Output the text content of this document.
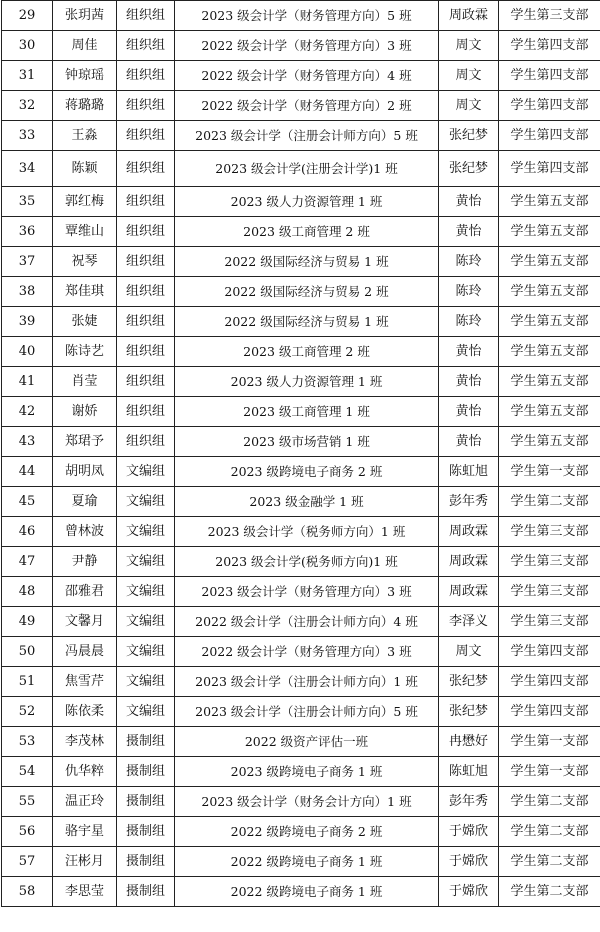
29	张玥茜	组织组	2023 级会计学（财务管理方向）5 班	周政霖	学生第三支部
30	周佳	组织组	2022 级会计学（财务管理方向）3 班	周文	学生第四支部
31	钟琼瑶	组织组	2022 级会计学（财务管理方向）4 班	周文	学生第四支部
32	蒋璐璐	组织组	2022 级会计学（财务管理方向）2 班	周文	学生第四支部
33	王淼	组织组	2023 级会计学（注册会计师方向）5 班	张纪梦	学生第四支部
34	陈颖	组织组	2023 级会计学(注册会计学)1 班	张纪梦	学生第四支部
35	郭红梅	组织组	2023 级人力资源管理 1 班	黄怡	学生第五支部
36	覃维山	组织组	2023 级工商管理 2 班	黄怡	学生第五支部
37	祝琴	组织组	2022 级国际经济与贸易 1 班	陈玲	学生第五支部
38	郑佳琪	组织组	2022 级国际经济与贸易 2 班	陈玲	学生第五支部
39	张婕	组织组	2022 级国际经济与贸易 1 班	陈玲	学生第五支部
40	陈诗艺	组织组	2023 级工商管理 2 班	黄怡	学生第五支部
41	肖莹	组织组	2023 级人力资源管理 1 班	黄怡	学生第五支部
42	谢娇	组织组	2023 级工商管理 1 班	黄怡	学生第五支部
43	郑珺予	组织组	2023 级市场营销 1 班	黄怡	学生第五支部
44	胡明凤	文编组	2023 级跨境电子商务 2 班	陈虹旭	学生第一支部
45	夏瑜	文编组	2023 级金融学 1 班	彭年秀	学生第二支部
46	曾林波	文编组	2023 级会计学（税务师方向）1 班	周政霖	学生第三支部
47	尹静	文编组	2023 级会计学(税务师方向)1 班	周政霖	学生第三支部
48	邵雅君	文编组	2023 级会计学（财务管理方向）3 班	周政霖	学生第三支部
49	文馨月	文编组	2022 级会计学（注册会计师方向）4 班	李泽义	学生第三支部
50	冯晨晨	文编组	2022 级会计学（财务管理方向）3 班	周文	学生第四支部
51	焦雪芹	文编组	2023 级会计学（注册会计师方向）1 班	张纪梦	学生第四支部
52	陈依柔	文编组	2023 级会计学（注册会计师方向）5 班	张纪梦	学生第四支部
53	李茂林	摄制组	2022 级资产评估一班	冉懋好	学生第一支部
54	仇华粹	摄制组	2023 级跨境电子商务 1 班	陈虹旭	学生第一支部
55	温正玲	摄制组	2023 级会计学（财务会计方向）1 班	彭年秀	学生第二支部
56	骆宇星	摄制组	2022 级跨境电子商务 2 班	于嫦欣	学生第二支部
57	汪彬月	摄制组	2022 级跨境电子商务 1 班	于嫦欣	学生第二支部
58	李思莹	摄制组	2022 级跨境电子商务 1 班	于嫦欣	学生第二支部
